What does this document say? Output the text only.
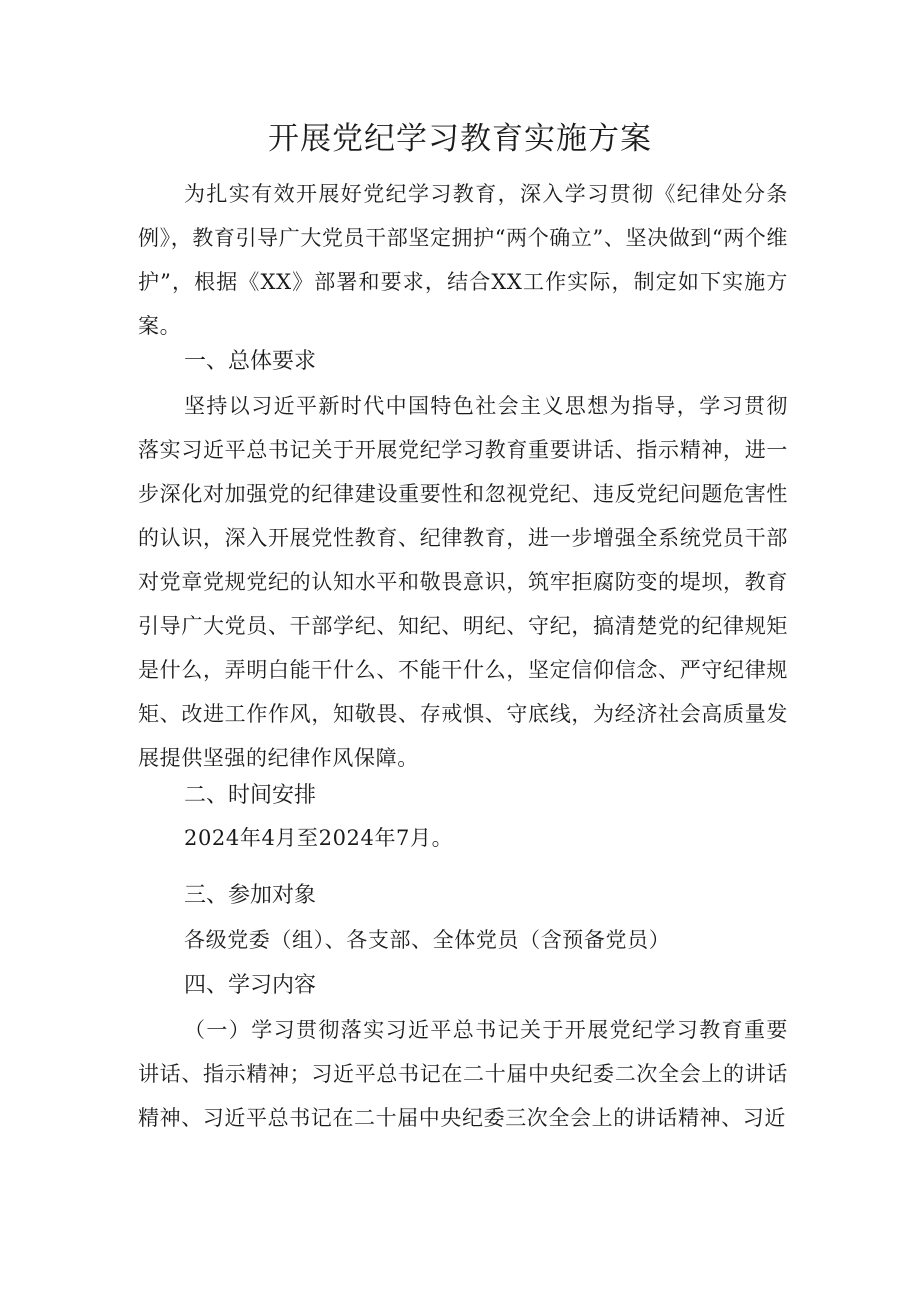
开展党纪学习教育实施方案

为扎实有效开展好党纪学习教育，深入学习贯彻《纪律处分条例》，教育引导广大党员干部坚定拥护“两个确立”、坚决做到“两个维护”，根据《XX》部署和要求，结合XX工作实际，制定如下实施方案。

一、总体要求

坚持以习近平新时代中国特色社会主义思想为指导，学习贯彻落实习近平总书记关于开展党纪学习教育重要讲话、指示精神，进一步深化对加强党的纪律建设重要性和忽视党纪、违反党纪问题危害性的认识，深入开展党性教育、纪律教育，进一步增强全系统党员干部对党章党规党纪的认知水平和敬畏意识，筑牢拒腐防变的堤坝，教育引导广大党员、干部学纪、知纪、明纪、守纪，搞清楚党的纪律规矩是什么，弄明白能干什么、不能干什么，坚定信仰信念、严守纪律规矩、改进工作作风，知敬畏、存戒惧、守底线，为经济社会高质量发展提供坚强的纪律作风保障。

二、时间安排

2024年4月至2024年7月。

三、参加对象

各级党委（组）、各支部、全体党员（含预备党员）

四、学习内容

（一）学习贯彻落实习近平总书记关于开展党纪学习教育重要讲话、指示精神；习近平总书记在二十届中央纪委二次全会上的讲话精神、习近平总书记在二十届中央纪委三次全会上的讲话精神、习近
